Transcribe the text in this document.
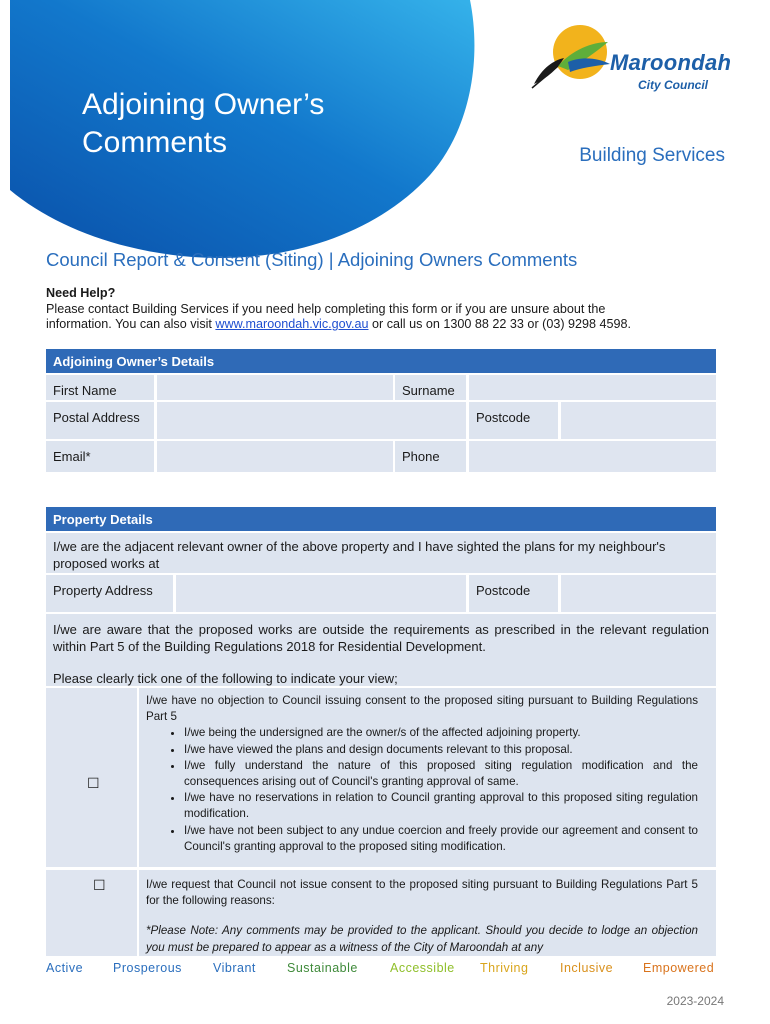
Adjoining Owner’s
Comments
Maroondah
City Council
Building Services
Council Report & Consent (Siting) | Adjoining Owners Comments
Need Help?
Please contact Building Services if you need help completing this form or if you are unsure about the
information. You can also visit www.maroondah.vic.gov.au or call us on 1300 88 22 33 or (03) 9298 4598.
Adjoining Owner’s Details
First Name	Surname
Postal Address	Postcode
Email*	Phone
Property Details
I/we are the adjacent relevant owner of the above property and I have sighted the plans for my neighbour's proposed works at
Property Address	Postcode
I/we are aware that the proposed works are outside the requirements as prescribed in the relevant regulation within Part 5 of the Building Regulations 2018 for Residential Development.
Please clearly tick one of the following to indicate your view;
☐
I/we have no objection to Council issuing consent to the proposed siting pursuant to Building Regulations Part 5
• I/we being the undersigned are the owner/s of the affected adjoining property.
• I/we have viewed the plans and design documents relevant to this proposal.
• I/we fully understand the nature of this proposed siting regulation modification and the consequences arising out of Council's granting approval of same.
• I/we have no reservations in relation to Council granting approval to this proposed siting regulation modification.
• I/we have not been subject to any undue coercion and freely provide our agreement and consent to Council's granting approval to the proposed siting modification.
☐	I/we request that Council not issue consent to the proposed siting pursuant to Building Regulations Part 5 for the following reasons:
*Please Note: Any comments may be provided to the applicant. Should you decide to lodge an objection you must be prepared to appear as a witness of the City of Maroondah at any
Active Prosperous Vibrant Sustainable	Accessible Thriving	Inclusive Empowered
2023-2024
